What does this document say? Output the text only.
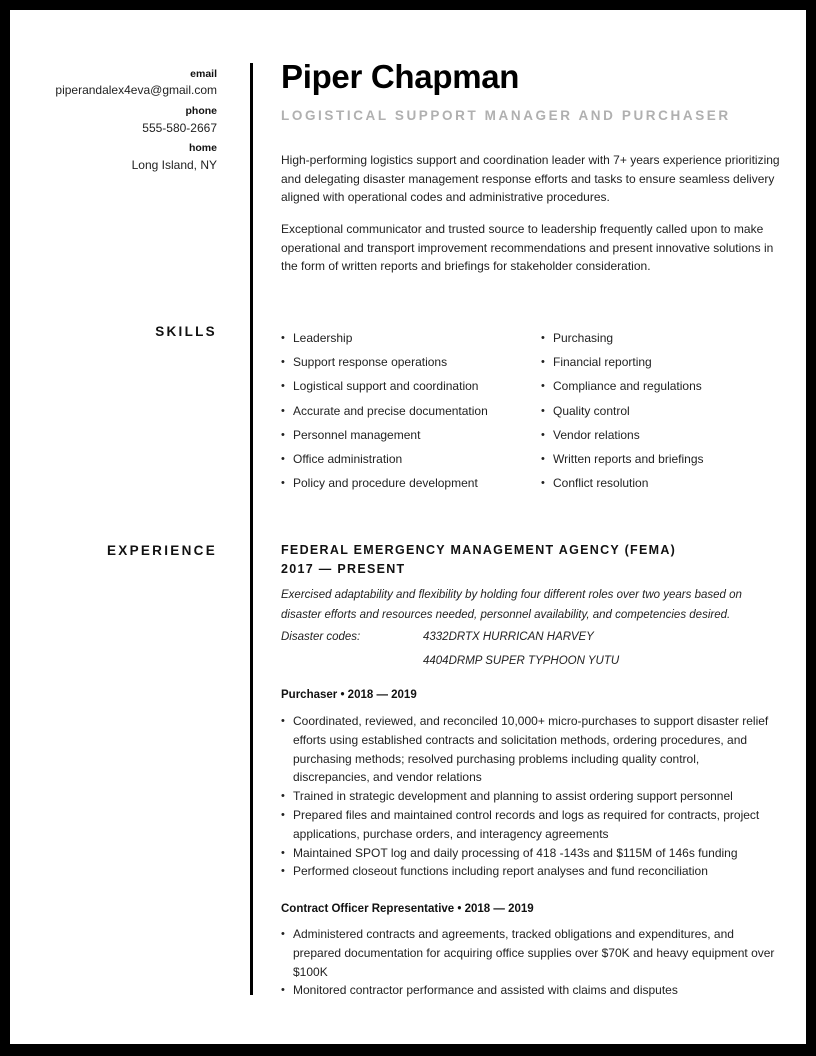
email
piperandalex4eva@gmail.com
phone
555-580-2667
home
Long Island, NY
SKILLS
EXPERIENCE
Piper Chapman
LOGISTICAL SUPPORT MANAGER AND PURCHASER

High-performing logistics support and coordination leader with 7+ years experience prioritizing and delegating disaster management response efforts and tasks to ensure seamless delivery aligned with operational codes and administrative procedures.

Exceptional communicator and trusted source to leadership frequently called upon to make operational and transport improvement recommendations and present innovative solutions in the form of written reports and briefings for stakeholder consideration.

• Leadership
• Support response operations
• Logistical support and coordination
• Accurate and precise documentation
• Personnel management
• Office administration
• Policy and procedure development
• Purchasing
• Financial reporting
• Compliance and regulations
• Quality control
• Vendor relations
• Written reports and briefings
• Conflict resolution
FEDERAL EMERGENCY MANAGEMENT AGENCY (FEMA)
2017 — PRESENT

Exercised adaptability and flexibility by holding four different roles over two years based on disaster efforts and resources needed, personnel availability, and competencies desired.

Disaster codes:	4332DRTX HURRICAN HARVEY
4404DRMP SUPER TYPHOON YUTU
Purchaser • 2018 — 2019
• Coordinated, reviewed, and reconciled 10,000+ micro-purchases to support disaster relief efforts using established contracts and solicitation methods, ordering procedures, and purchasing methods; resolved purchasing problems including quality control, discrepancies, and vendor relations
• Trained in strategic development and planning to assist ordering support personnel
• Prepared files and maintained control records and logs as required for contracts, project applications, purchase orders, and interagency agreements
• Maintained SPOT log and daily processing of 418 -143s and $115M of 146s funding
• Performed closeout functions including report analyses and fund reconciliation
Contract Officer Representative • 2018 — 2019
• Administered contracts and agreements, tracked obligations and expenditures, and prepared documentation for acquiring office supplies over $70K and heavy equipment over $100K
• Monitored contractor performance and assisted with claims and disputes
